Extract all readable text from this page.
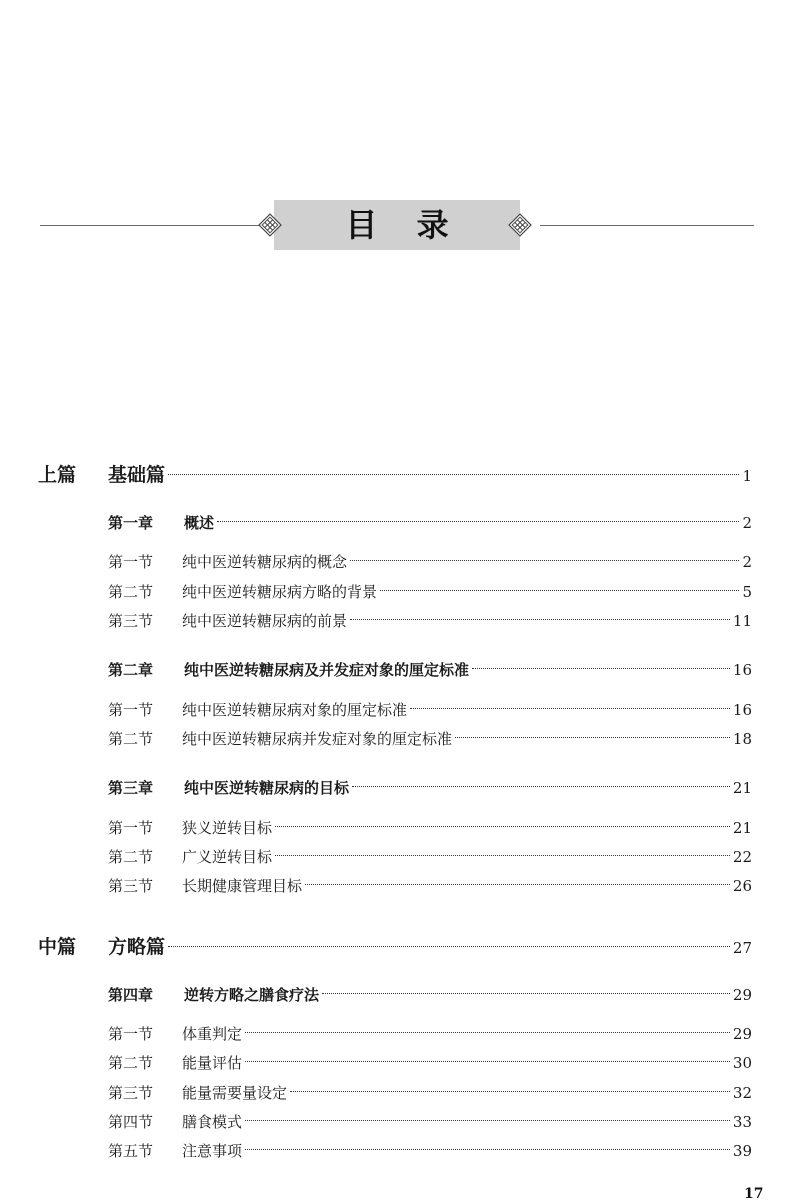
目 录
上篇	基础篇	1
第一章	概述	2
第一节	纯中医逆转糖尿病的概念	2
第二节	纯中医逆转糖尿病方略的背景	5
第三节	纯中医逆转糖尿病的前景	11
第二章	纯中医逆转糖尿病及并发症对象的厘定标准	16
第一节	纯中医逆转糖尿病对象的厘定标准	16
第二节	纯中医逆转糖尿病并发症对象的厘定标准	18
第三章	纯中医逆转糖尿病的目标	21
第一节	狭义逆转目标	21
第二节	广义逆转目标	22
第三节	长期健康管理目标	26
中篇	方略篇	27
第四章	逆转方略之膳食疗法	29
第一节	体重判定	29
第二节	能量评估	30
第三节	能量需要量设定	32
第四节	膳食模式	33
第五节	注意事项	39
17
